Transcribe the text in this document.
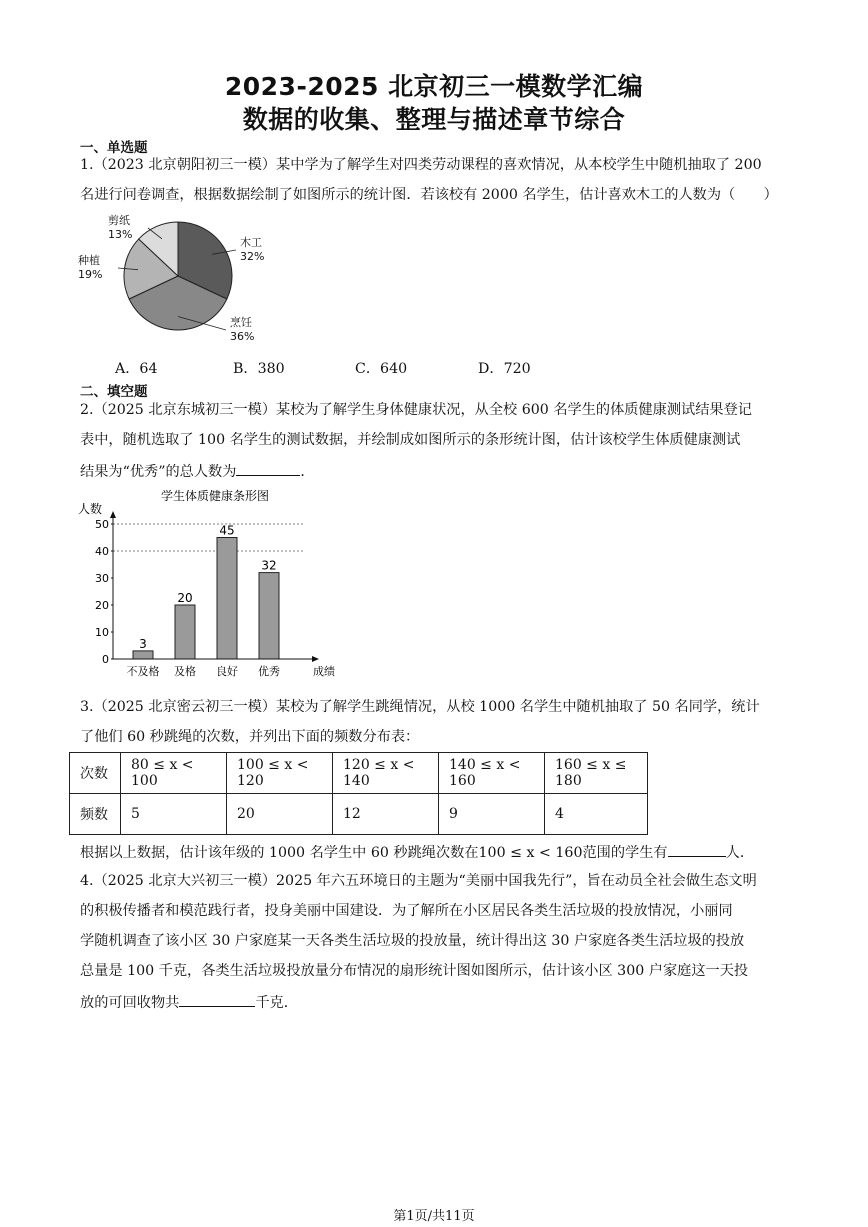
2023-2025 北京初三一模数学汇编
数据的收集、整理与描述章节综合
一、单选题
1.（2023 北京朝阳初三一模）某中学为了解学生对四类劳动课程的喜欢情况，从本校学生中随机抽取了 200
名进行问卷调查，根据数据绘制了如图所示的统计图．若该校有 2000 名学生，估计喜欢木工的人数为（　　）
木工
32%
烹饪
36%
种植
19%
剪纸
13%
A．64	B．380	C．640	D．720
二、填空题
2.（2025 北京东城初三一模）某校为了解学生身体健康状况，从全校 600 名学生的体质健康测试结果登记
表中，随机选取了 100 名学生的测试数据，并绘制成如图所示的条形统计图，估计该校学生体质健康测试
结果为“优秀”的总人数为	．
学生体质健康条形图
人数
0
10
20
30
40
50
3
20
45
32
不及格 及格 良好 优秀	成绩
3.（2025 北京密云初三一模）某校为了解学生跳绳情况，从校 1000 名学生中随机抽取了 50 名同学，统计
了他们 60 秒跳绳的次数，并列出下面的频数分布表：
次数	80 ≤ x < 100	100 ≤ x < 120	120 ≤ x < 140	140 ≤ x < 160	160 ≤ x ≤ 180
频数	5	20	12	9	4
根据以上数据，估计该年级的 1000 名学生中 60 秒跳绳次数在100 ≤ x < 160范围的学生有	人．
4.（2025 北京大兴初三一模）2025 年六五环境日的主题为“美丽中国我先行”，旨在动员全社会做生态文明
的积极传播者和模范践行者，投身美丽中国建设．为了解所在小区居民各类生活垃圾的投放情况，小丽同
学随机调查了该小区 30 户家庭某一天各类生活垃圾的投放量，统计得出这 30 户家庭各类生活垃圾的投放
总量是 100 千克，各类生活垃圾投放量分布情况的扇形统计图如图所示，估计该小区 300 户家庭这一天投
放的可回收物共	千克．
第1页/共11页
